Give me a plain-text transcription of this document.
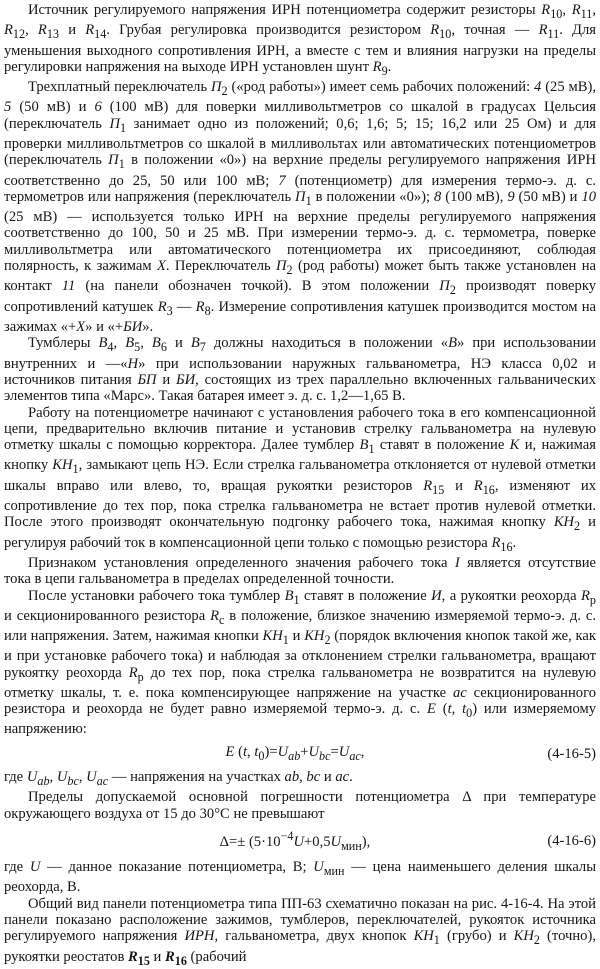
Источник регулируемого напряжения ИРН потенциометра содержит резисторы $R_{10}$, $R_{11}$, $R_{12}$, $R_{13}$ и $R_{14}$. Грубая регулировка производится резистором $R_{10}$, точная — $R_{11}$. Для уменьшения выходного сопротивления ИРН, а вместе с тем и влияния нагрузки на пределы регулировки напряжения на выходе ИРН установлен шунт $R_9$.

Трехплатный переключатель $П_2$ («род работы») имеет семь рабочих положений: 4 (25 мВ), 5 (50 мВ) и 6 (100 мВ) для поверки милливольтметров со шкалой в градусах Цельсия (переключатель $П_1$ занимает одно из положений; 0,6; 1,6; 5; 15; 16,2 или 25 Ом) и для проверки милливольтметров со шкалой в милливольтах или автоматических потенциометров (переключатель $П_1$ в положении «0») на верхние пределы регулируемого напряжения ИРН соответственно до 25, 50 или 100 мВ; 7 (потенциометр) для измерения термо-э. д. с. термометров или напряжения (переключатель $П_1$ в положении «0»); 8 (100 мВ), 9 (50 мВ) и 10 (25 мВ) — используется только ИРН на верхние пределы регулируемого напряжения соответственно до 100, 50 и 25 мВ. При измерении термо-э. д. с. термометра, поверке милливольтметра или автоматического потенциометра их присоединяют, соблюдая полярность, к зажимам X. Переключатель $П_2$ (род работы) может быть также установлен на контакт 11 (на панели обозначен точкой). В этом положении $П_2$ производят поверку сопротивлений катушек $R_3$ — $R_8$. Измерение сопротивления катушек производится мостом на зажимах «+X» и «+БИ».

Тумблеры $В_4$, $В_5$, $В_6$ и $В_7$ должны находиться в положении «В» при использовании внутренних и —«Н» при использовании наружных гальванометра, НЭ класса 0,02 и источников питания БП и БИ, состоящих из трех параллельно включенных гальванических элементов типа «Марс». Такая батарея имеет э. д. с. 1,2—1,65 В.

Работу на потенциометре начинают с установления рабочего тока в его компенсационной цепи, предварительно включив питание и установив стрелку гальванометра на нулевую отметку шкалы с помощью корректора. Далее тумблер $В_1$ ставят в положение К и, нажимая кнопку $КН_1$, замыкают цепь НЭ. Если стрелка гальванометра отклоняется от нулевой отметки шкалы вправо или влево, то, вращая рукоятки резисторов $R_{15}$ и $R_{16}$, изменяют их сопротивление до тех пор, пока стрелка гальванометра не встает против нулевой отметки. После этого производят окончательную подгонку рабочего тока, нажимая кнопку $КН_2$ и регулируя рабочий ток в компенсационной цепи только с помощью резистора $R_{16}$.

Признаком установления определенного значения рабочего тока I является отсутствие тока в цепи гальванометра в пределах определенной точности.

После установки рабочего тока тумблер $В_1$ ставят в положение И, а рукоятки реохорда $R_р$ и секционированного резистора $R_с$ в положение, близкое значению измеряемой термо-э. д. с. или напряжения. Затем, нажимая кнопки $КН_1$ и $КН_2$ (порядок включения кнопок такой же, как и при установке рабочего тока) и наблюдая за отклонением стрелки гальванометра, вращают рукоятку реохорда $R_р$ до тех пор, пока стрелка гальванометра не возвратится на нулевую отметку шкалы, т. е. пока компенсирующее напряжение на участке ас секционированного резистора и реохорда не будет равно измеряемой термо-э. д. с. E (t, $t_0$) или измеряемому напряжению:

E (t, $t_0)=U_{ab}+U_{bc}=U_{ac}$,	(4-16-5)

где $U_{ab}$, $U_{bc}$, $U_{ac}$ — напряжения на участках ab, bc и ac.

Пределы допускаемой основной погрешности потенциометра Δ при температуре окружающего воздуха от 15 до 30°С не превышают

$\Delta=\pm (5\cdot 10^{-4}U+0,5U_{мин})$,	(4-16-6)

где U — данное показание потенциометра, В; $U_{мин}$ — цена наименьшего деления шкалы реохорда, В.

Общий вид панели потенциометра типа ПП-63 схематично показан на рис. 4-16-4. На этой панели показано расположение зажимов, тумблеров, переключателей, рукояток источника регулируемого напряжения ИРН, гальванометра, двух кнопок $КН_1$ (грубо) и $КН_2$ (точно), рукоятки реостатов $R_{15}$ и $R_{16}$ (рабочий
